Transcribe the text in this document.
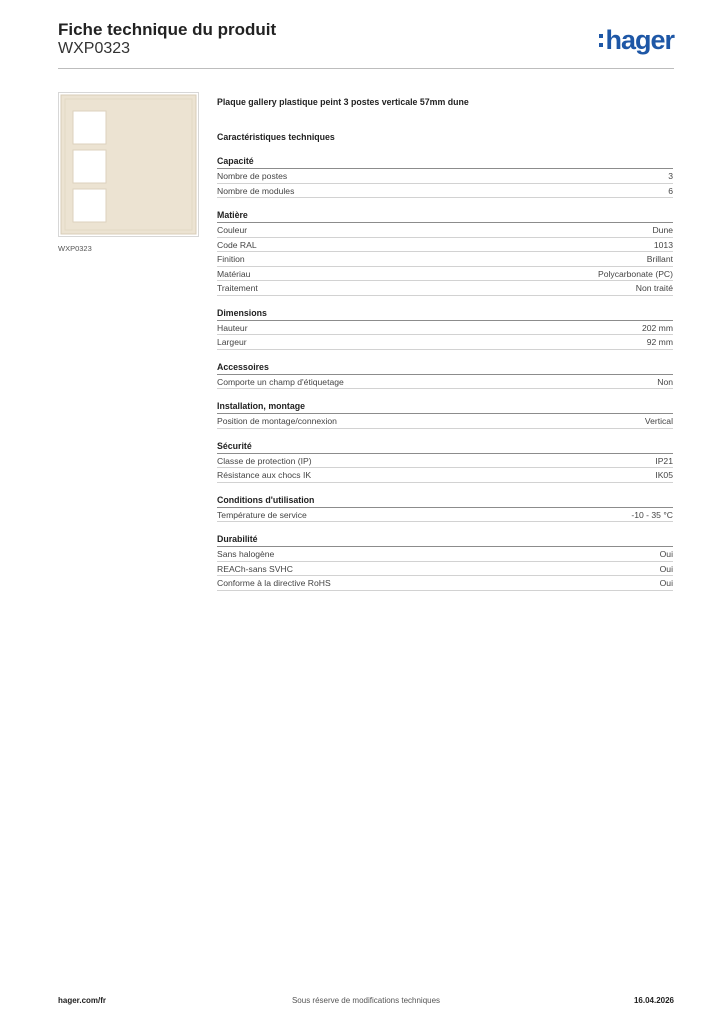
Fiche technique du produit
WXP0323	hager
WXP0323
Plaque gallery plastique peint 3 postes verticale 57mm dune
Caractéristiques techniques
Capacité
Nombre de postes	3
Nombre de modules	6
Matière
Couleur	Dune
Code RAL	1013
Finition	Brillant
Matériau	Polycarbonate (PC)
Traitement	Non traité
Dimensions
Hauteur	202 mm
Largeur	92 mm
Accessoires
Comporte un champ d'étiquetage	Non
Installation, montage
Position de montage/connexion	Vertical
Sécurité
Classe de protection (IP)	IP21
Résistance aux chocs IK	IK05
Conditions d'utilisation
Température de service	-10 - 35 °C
Durabilité
Sans halogène	Oui
REACh-sans SVHC	Oui
Conforme à la directive RoHS	Oui
Sous réserve de modifications techniques
hager.com/fr	16.04.2026
